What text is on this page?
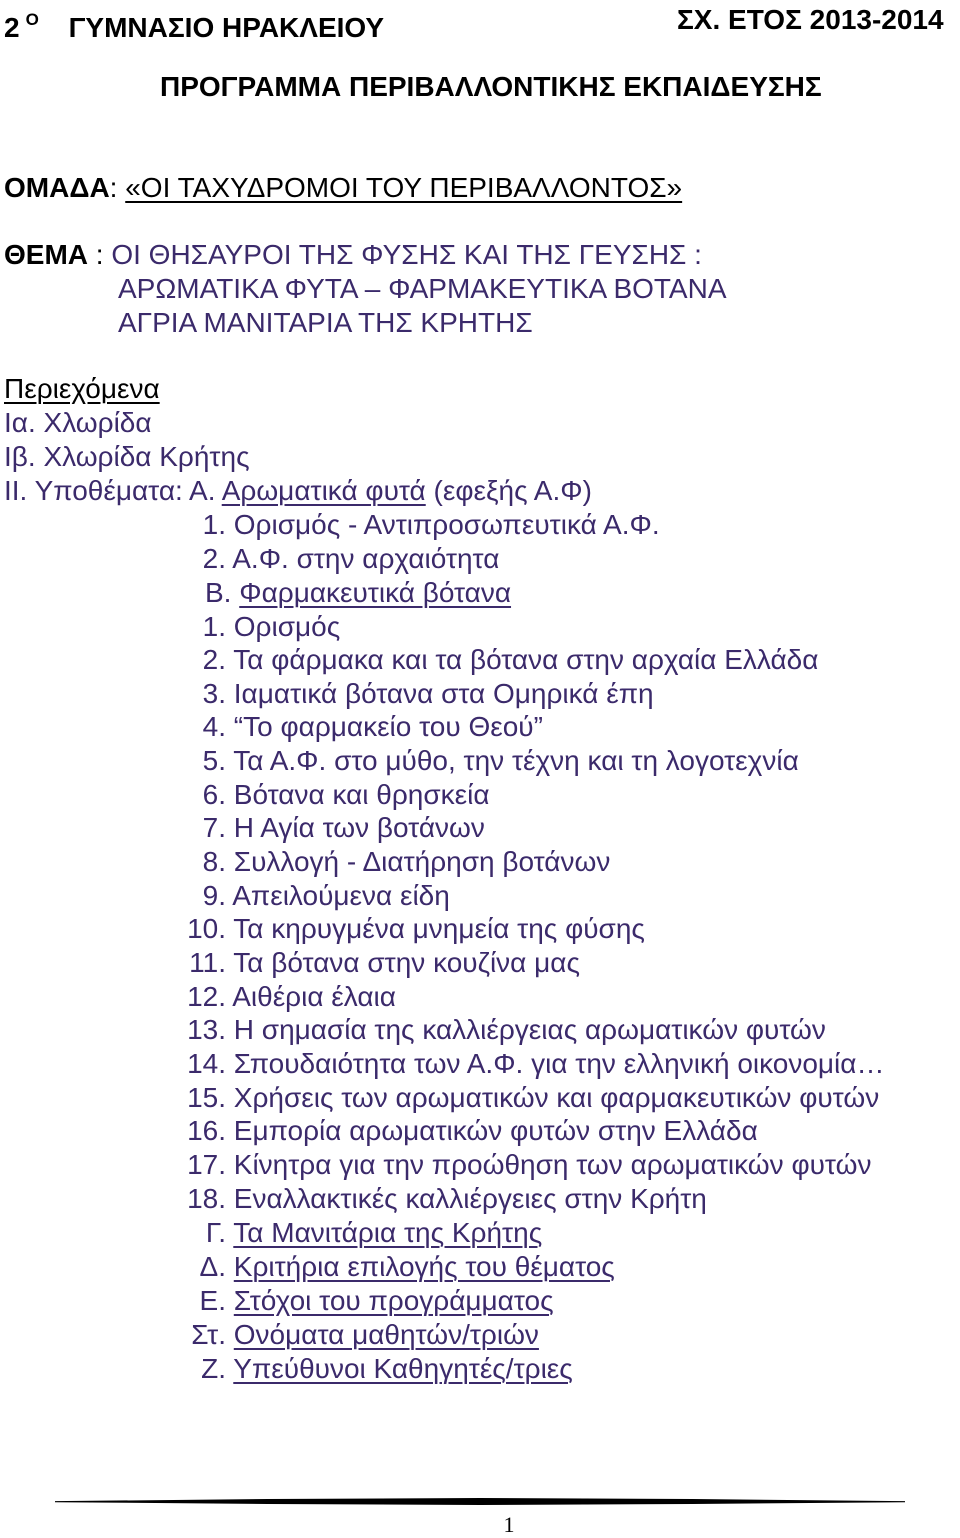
2 $^O$ ΓΥΜΝΑΣΙΟ ΗΡΑΚΛΕΙΟΥ	ΣΧ. ΕΤΟΣ 2013-2014
ΠΡΟΓΡΑΜΜΑ ΠΕΡΙΒΑΛΛΟΝΤΙΚΗΣ ΕΚΠΑΙΔΕΥΣΗΣ
ΟΜΑΔΑ: «ΟΙ ΤΑΧΥΔΡΟΜΟΙ ΤΟΥ ΠΕΡΙΒΑΛΛΟΝΤΟΣ»
ΘΕΜΑ : ΟΙ ΘΗΣΑΥΡΟΙ ΤΗΣ ΦΥΣΗΣ ΚΑΙ ΤΗΣ ΓΕΥΣΗΣ :
ΑΡΩΜΑΤΙΚΑ ΦΥΤΑ – ΦΑΡΜΑΚΕΥΤΙΚΑ ΒΟΤΑΝΑ
ΑΓΡΙΑ ΜΑΝΙΤΑΡΙΑ ΤΗΣ ΚΡΗΤΗΣ
Περιεχόμενα
Ια. Χλωρίδα
Ιβ. Χλωρίδα Κρήτης
ΙΙ. Υποθέματα: Α. Αρωματικά φυτά (εφεξής Α.Φ)
1. Ορισμός - Αντιπροσωπευτικά Α.Φ.
2. Α.Φ. στην αρχαιότητα
Β. Φαρμακευτικά βότανα
1. Ορισμός
2. Τα φάρμακα και τα βότανα στην αρχαία Ελλάδα
3. Ιαματικά βότανα στα Ομηρικά έπη
4. “Το φαρμακείο του Θεού”
5. Τα Α.Φ. στο μύθο, την τέχνη και τη λογοτεχνία
6. Βότανα και θρησκεία
7. Η Αγία των βοτάνων
8. Συλλογή - Διατήρηση βοτάνων
9. Απειλούμενα είδη
10. Τα κηρυγμένα μνημεία της φύσης
11. Τα βότανα στην κουζίνα μας
12. Αιθέρια έλαια
13. Η σημασία της καλλιέργειας αρωματικών φυτών
14. Σπουδαιότητα των Α.Φ. για την ελληνική οικονομία…
15. Χρήσεις των αρωματικών και φαρμακευτικών φυτών
16. Εμπορία αρωματικών φυτών στην Ελλάδα
17. Κίνητρα για την προώθηση των αρωματικών φυτών
18. Εναλλακτικές καλλιέργειες στην Κρήτη
Γ. Τα Μανιτάρια της Κρήτης
Δ. Κριτήρια επιλογής του θέματος
Ε. Στόχοι του προγράμματος
Στ. Ονόματα μαθητών/τριών
Ζ. Υπεύθυνοι Καθηγητές/τριες
1
